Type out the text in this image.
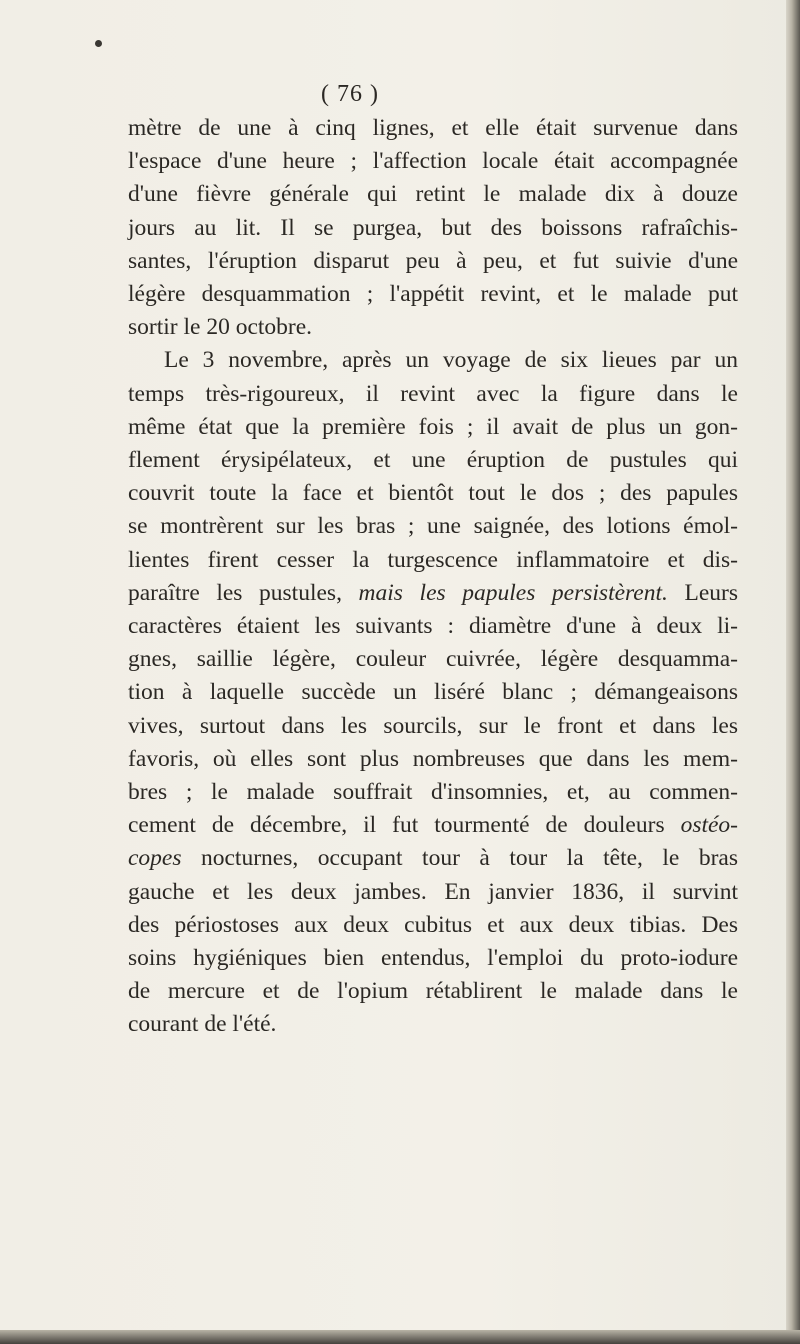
( 76 )
mètre de une à cinq lignes, et elle était survenue dans
l'espace d'une heure ; l'affection locale était accompagnée
d'une fièvre générale qui retint le malade dix à douze
jours au lit. Il se purgea, but des boissons rafraîchis-
santes, l'éruption disparut peu à peu, et fut suivie d'une
légère desquammation ; l'appétit revint, et le malade put
sortir le 20 octobre.
Le 3 novembre, après un voyage de six lieues par un
temps très-rigoureux, il revint avec la figure dans le
même état que la première fois ; il avait de plus un gon-
flement érysipélateux, et une éruption de pustules qui
couvrit toute la face et bientôt tout le dos ; des papules
se montrèrent sur les bras ; une saignée, des lotions émol-
lientes firent cesser la turgescence inflammatoire et dis-
paraître les pustules, mais les papules persistèrent. Leurs
caractères étaient les suivants : diamètre d'une à deux li-
gnes, saillie légère, couleur cuivrée, légère desquamma-
tion à laquelle succède un liséré blanc ; démangeaisons
vives, surtout dans les sourcils, sur le front et dans les
favoris, où elles sont plus nombreuses que dans les mem-
bres ; le malade souffrait d'insomnies, et, au commen-
cement de décembre, il fut tourmenté de douleurs ostéo-
copes nocturnes, occupant tour à tour la tête, le bras
gauche et les deux jambes. En janvier 1836, il survint
des périostoses aux deux cubitus et aux deux tibias. Des
soins hygiéniques bien entendus, l'emploi du proto-iodure
de mercure et de l'opium rétablirent le malade dans le
courant de l'été.
